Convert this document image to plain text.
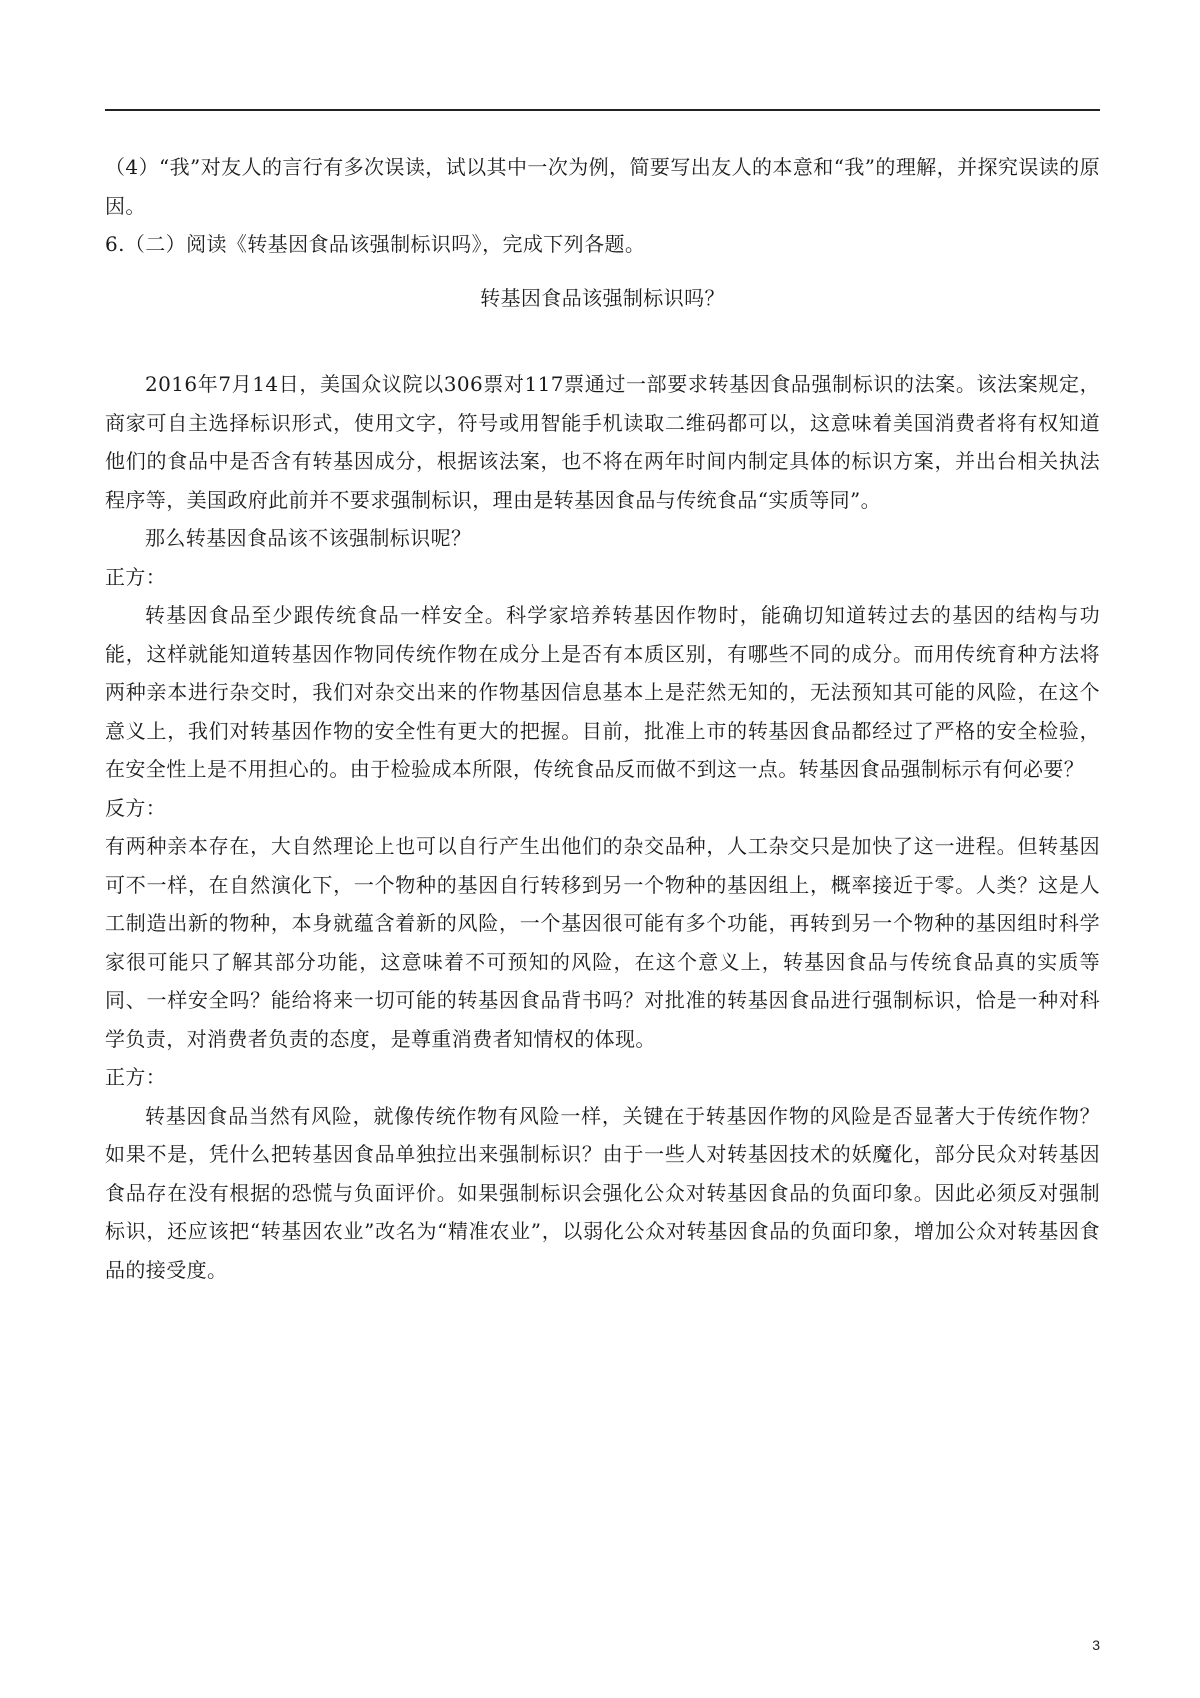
（4）“我”对友人的言行有多次误读，试以其中一次为例，简要写出友人的本意和“我”的理解，并探究误读的原因。

6.（二）阅读《转基因食品该强制标识吗》，完成下列各题。

转基因食品该强制标识吗？

2016年7月14日，美国众议院以306票对117票通过一部要求转基因食品强制标识的法案。该法案规定，商家可自主选择标识形式，使用文字，符号或用智能手机读取二维码都可以，这意味着美国消费者将有权知道他们的食品中是否含有转基因成分，根据该法案，也不将在两年时间内制定具体的标识方案，并出台相关执法程序等，美国政府此前并不要求强制标识，理由是转基因食品与传统食品“实质等同”。

那么转基因食品该不该强制标识呢？

正方：

转基因食品至少跟传统食品一样安全。科学家培养转基因作物时，能确切知道转过去的基因的结构与功能，这样就能知道转基因作物同传统作物在成分上是否有本质区别，有哪些不同的成分。而用传统育种方法将两种亲本进行杂交时，我们对杂交出来的作物基因信息基本上是茫然无知的，无法预知其可能的风险，在这个意义上，我们对转基因作物的安全性有更大的把握。目前，批准上市的转基因食品都经过了严格的安全检验，在安全性上是不用担心的。由于检验成本所限，传统食品反而做不到这一点。转基因食品强制标示有何必要？

反方：

有两种亲本存在，大自然理论上也可以自行产生出他们的杂交品种，人工杂交只是加快了这一进程。但转基因可不一样，在自然演化下，一个物种的基因自行转移到另一个物种的基因组上，概率接近于零。人类？这是人工制造出新的物种，本身就蕴含着新的风险，一个基因很可能有多个功能，再转到另一个物种的基因组时科学家很可能只了解其部分功能，这意味着不可预知的风险，在这个意义上，转基因食品与传统食品真的实质等同、一样安全吗？能给将来一切可能的转基因食品背书吗？对批准的转基因食品进行强制标识，恰是一种对科学负责，对消费者负责的态度，是尊重消费者知情权的体现。

正方：

转基因食品当然有风险，就像传统作物有风险一样，关键在于转基因作物的风险是否显著大于传统作物？如果不是，凭什么把转基因食品单独拉出来强制标识？由于一些人对转基因技术的妖魔化，部分民众对转基因食品存在没有根据的恐慌与负面评价。如果强制标识会强化公众对转基因食品的负面印象。因此必须反对强制标识，还应该把“转基因农业”改名为“精准农业”，以弱化公众对转基因食品的负面印象，增加公众对转基因食品的接受度。

3
